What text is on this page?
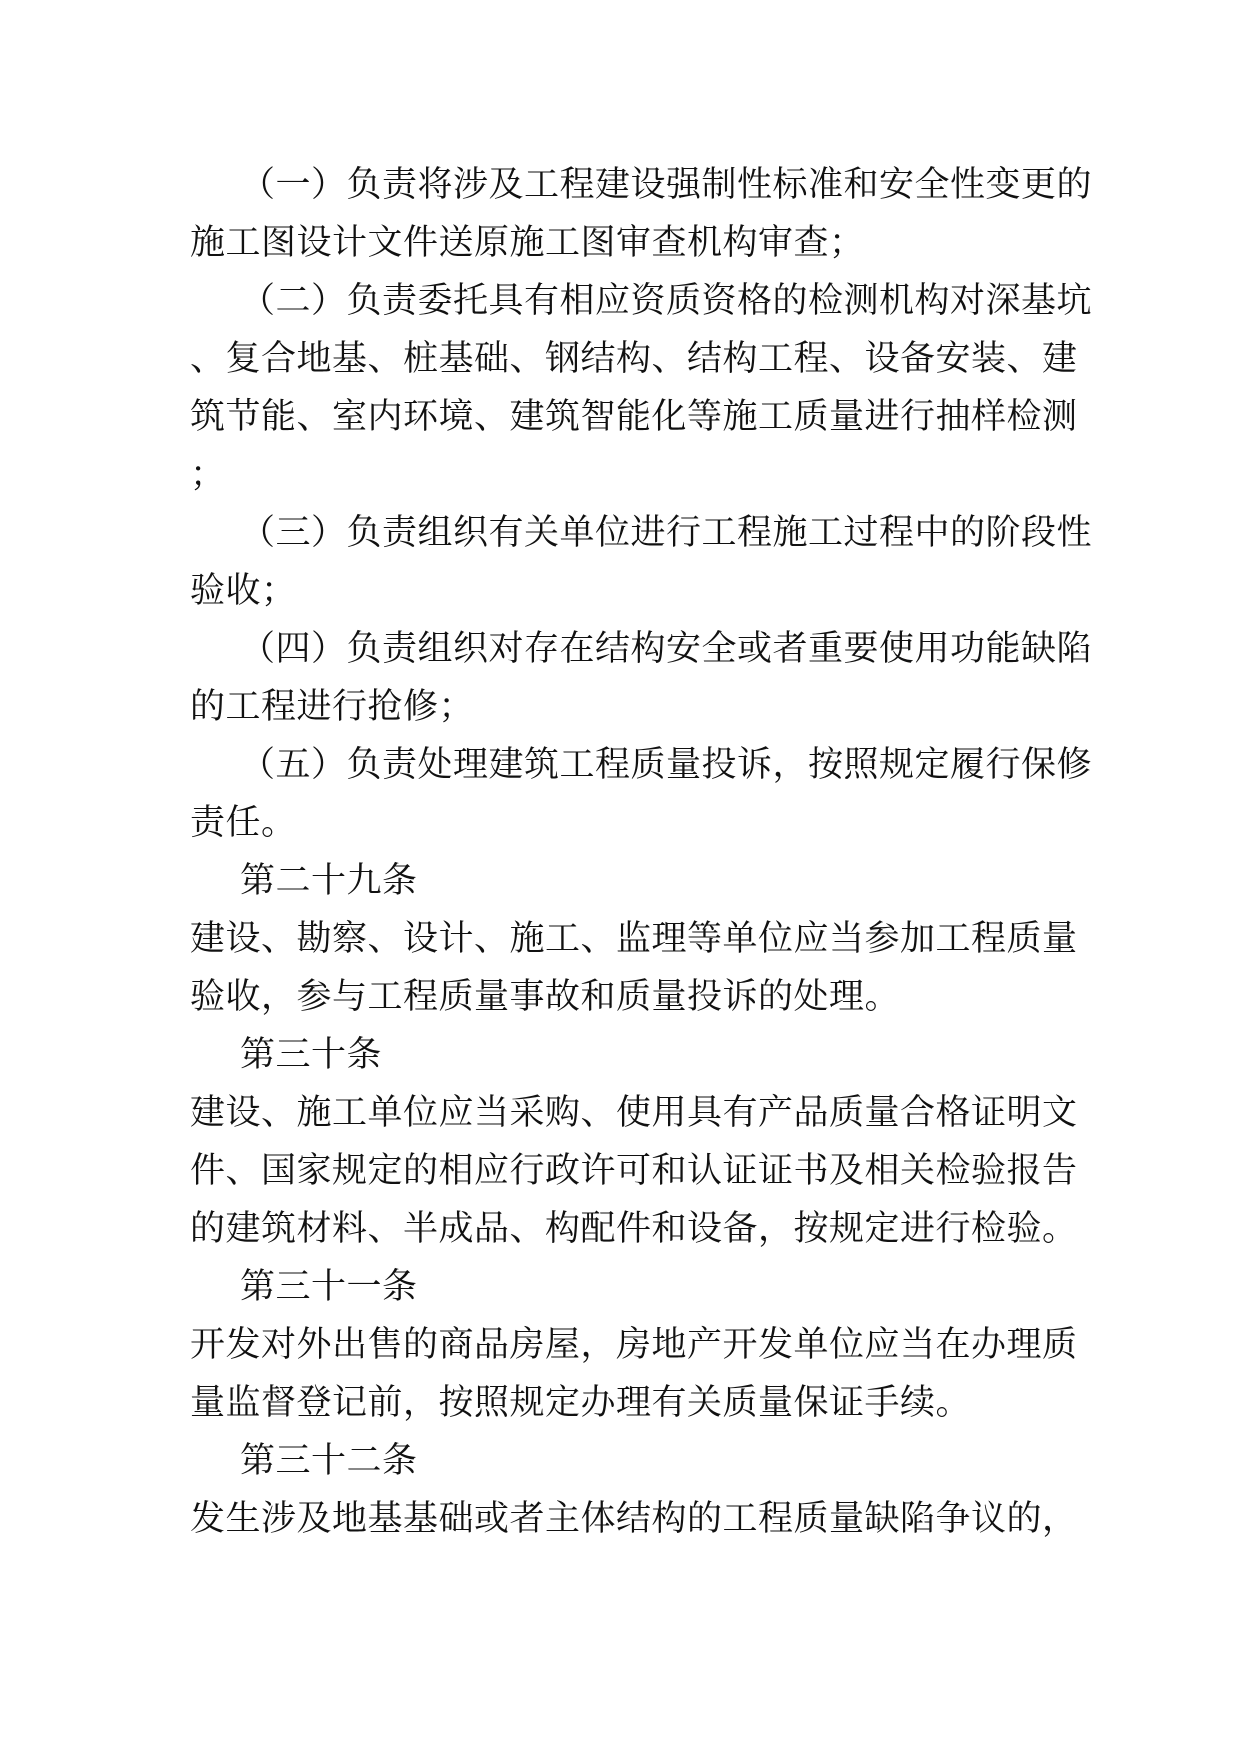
（一）负责将涉及工程建设强制性标准和安全性变更的
施工图设计文件送原施工图审查机构审查；
（二）负责委托具有相应资质资格的检测机构对深基坑
、复合地基、桩基础、钢结构、结构工程、设备安装、建
筑节能、室内环境、建筑智能化等施工质量进行抽样检测
；
（三）负责组织有关单位进行工程施工过程中的阶段性
验收；
（四）负责组织对存在结构安全或者重要使用功能缺陷
的工程进行抢修；
（五）负责处理建筑工程质量投诉，按照规定履行保修
责任。
第二十九条
建设、勘察、设计、施工、监理等单位应当参加工程质量
验收，参与工程质量事故和质量投诉的处理。
第三十条
建设、施工单位应当采购、使用具有产品质量合格证明文
件、国家规定的相应行政许可和认证证书及相关检验报告
的建筑材料、半成品、构配件和设备，按规定进行检验。
第三十一条
开发对外出售的商品房屋，房地产开发单位应当在办理质
量监督登记前，按照规定办理有关质量保证手续。
第三十二条
发生涉及地基基础或者主体结构的工程质量缺陷争议的，
